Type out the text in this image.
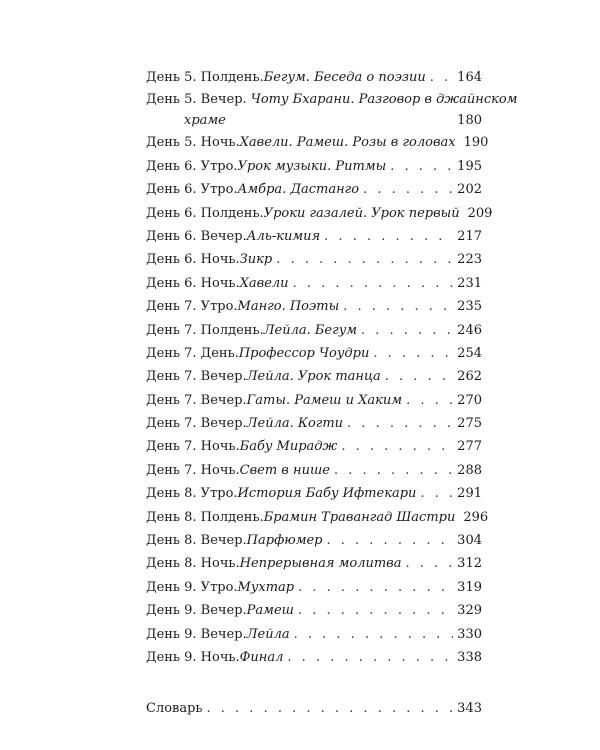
День 5. Полдень. Бегум. Беседа о поэзии . . . 164
День 5. Вечер. Чоту Бхарани. Разговор в джайнском
храме	180
День 5. Ночь. Хавели. Рамеш. Розы в головах 190
День 6. Утро. Урок музыки. Ритмы . . .	195
День 6. Утро. Амбра. Дастанго . . .	202
День 6. Полдень. Уроки газалей. Урок первый 209
День 6. Вечер. Аль-кимия . . .	217
День 6. Ночь. Зикр . . .	223
День 6. Ночь. Хавели . . .	231
День 7. Утро. Манго. Поэты . . .	235
День 7. Полдень. Лейла. Бегум . . .	246
День 7. День. Профессор Чоудри . . .	254
День 7. Вечер. Лейла. Урок танца . . .	262
День 7. Вечер. Гаты. Рамеш и Хаким . . .	270
День 7. Вечер. Лейла. Когти . . .	275
День 7. Ночь. Бабу Мирадж . . .	277
День 7. Ночь. Свет в нише . . .	288
День 8. Утро. История Бабу Ифтекари . . .	291
День 8. Полдень. Брамин Травангад Шастри 296
День 8. Вечер. Парфюмер . . .	304
День 8. Ночь. Непрерывная молитва . . .	312
День 9. Утро. Мухтар . . .	319
День 9. Вечер. Рамеш . . .	329
День 9. Вечер. Лейла . . .	330
День 9. Ночь. Финал . . .	338
Словарь . . .	343
